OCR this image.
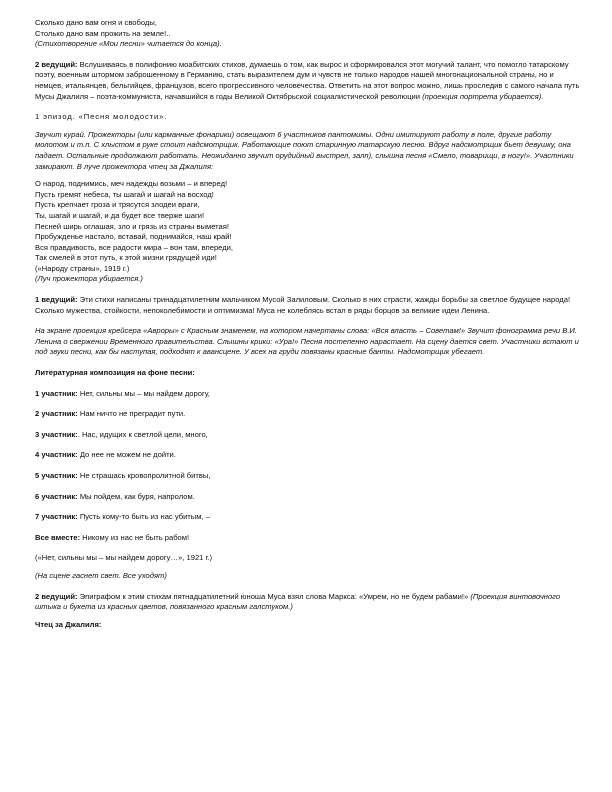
Сколько дано вам огня и свободы,

Столько дано вам прожить на земле!..

(Стихотворение «Мои песни» читается до конца).

2 ведущий: Вслушиваясь в полифонию моабитских стихов, думаешь о том, как вырос и сформировался этот могучий талант, что помогло татарскому поэту, военным штормом заброшенному в Германию, стать выразителем дум и чувств не только народов нашей многонациональной страны, но и немцев, итальянцев, бельгийцев, французов, всего прогрессивного человечества. Ответить на этот вопрос можно, лишь проследив с самого начала путь Мусы Джалиля – поэта-коммуниста, начавшийся в годы Великой Октябрьской социалистической революции (проекция портрета убирается).

1 эпизод. «Песня молодости».

Звучит курай. Прожекторы (или карманные фонарики) освещают 6 участников пантомимы. Одни имитируют работу в поле, другие работу молотом и т.п. С хлыстом в руке стоит надсмотрщик. Работающие поют старинную татарскую песню. Вдруг надсмотрщик бьет девушку, она падает. Остальные продолжают работать. Неожиданно звучит орудийный выстрел, залп), слышна песня «Смело, товарищи, в ногу!». Участники замирают. В луче прожектора чтец за Джалиля:

О народ, поднимись, меч надежды возьми – и вперед!

Пусть гремят небеса, ты шагай и шагай на восход!

Пусть крепчает гроза и трясутся злодеи враги,

Ты, шагай и шагай, и да будет все тверже шаги!

Песней ширь оглашая, зло и грязь из страны выметая!

Пробужденье настало, вставай, поднимайся, наш край!

Вся правдивость, все радости мира – вон там, впереди,

Так смелей в этот путь, к этой жизни грядущей иди!

(«Народу страны», 1919 г.)

(Луч прожектора убирается.)

1 ведущий: Эти стихи написаны тринадцатилетним мальчиком Мусой Залиловым. Сколько в них страсти, жажды борьбы за светлое будущее народа! Сколько мужества, стойкости, непоколебимости и оптимизма! Муса не колеблясь встал в ряды борцов за великие идеи Ленина.

На экране проекция крейсера «Авроры» с Красным знаменем, на котором начертаны слова: «Вся власть – Советам!» Звучит фонограмма речи В.И. Ленина о свержении Временного правительства. Слышны крики: «Ура!» Песня постепенно нарастает. На сцену дается свет. Участники встают и под звуки песни, как бы наступая, подходят к авансцене. У всех на груди повязаны красные банты. Надсмотрщик убегает.

Литературная композиция на фоне песни:

1 участник: Нет, сильны мы – мы найдем дорогу,

2 участник: Нам ничто не преградит пути.

3 участник:. Нас, идущих к светлой цели, много,

4 участник: До нее не можем не дойти.

5 участник: Не страшась кровопролитной битвы,

6 участник: Мы пойдем, как буря, напролом.

7 участник: Пусть кому-то быть из нас убитым, –

Все вместе: Никому из нас не быть рабом!

(«Нет, сильны мы – мы найдем дорогу…», 1921 г.)

(На сцене гаснет свет. Все уходят)

2 ведущий: Эпиграфом к этим стихам пятнадцатилетний юноша Муса взял слова Маркса: «Умрем, но не будем рабами!» (Проекция винтовочного штыка и букета из красных цветов, повязанного красным галстуком.)

Чтец за Джалиля:
